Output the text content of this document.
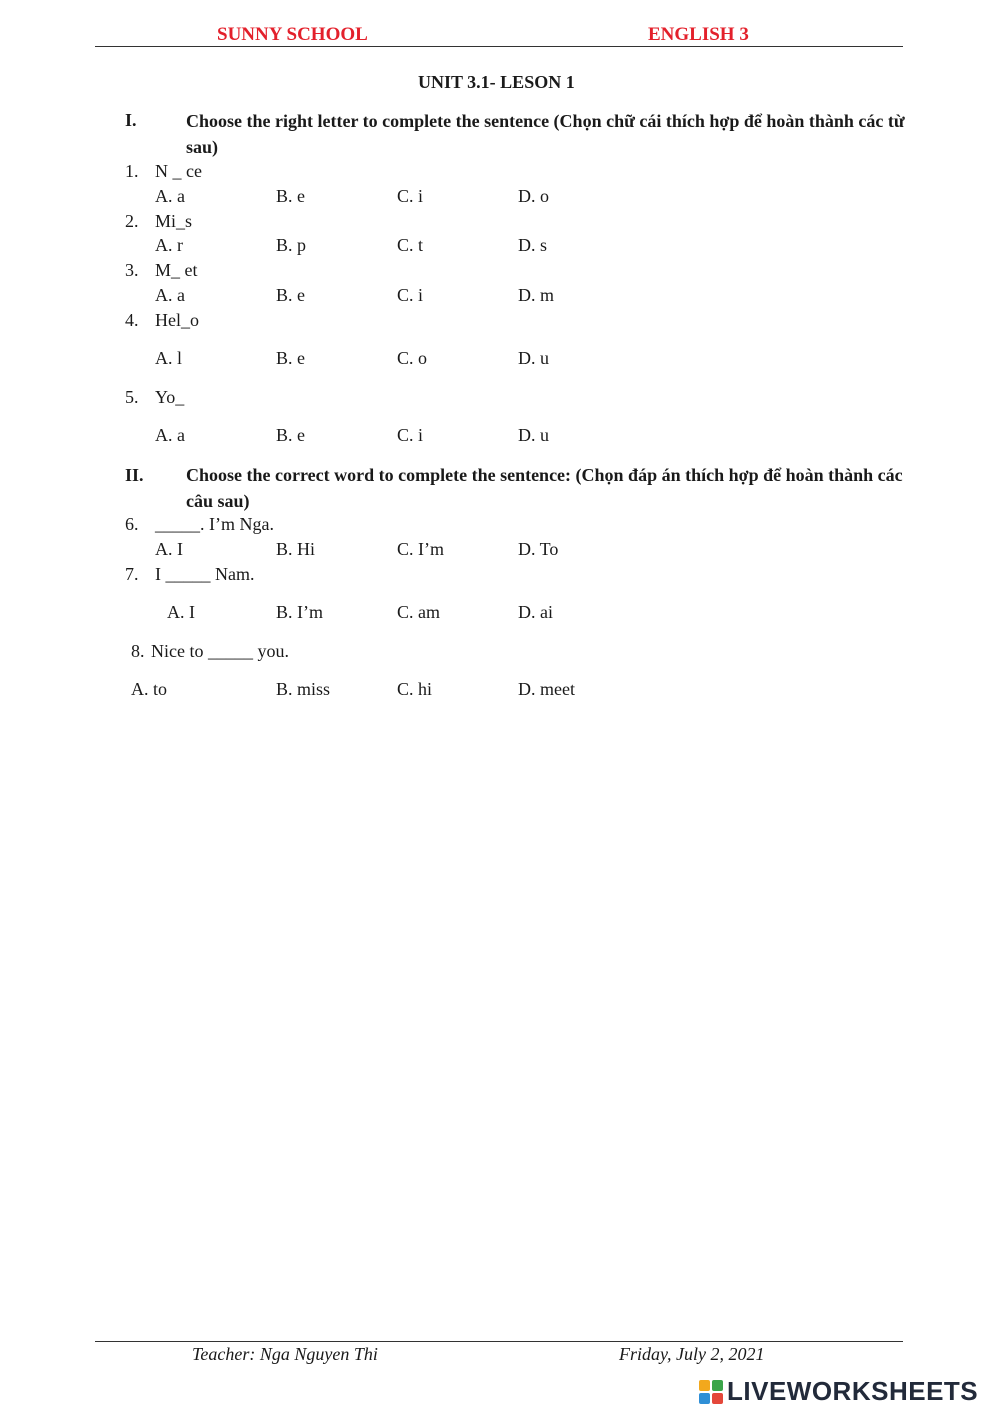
SUNNY SCHOOL	ENGLISH 3
UNIT 3.1- LESON 1
I.	Choose the right letter to complete the sentence (Chọn chữ cái thích hợp để hoàn thành các từ sau)
1. N _ ce
A. a	B. e	C. i	D. o
2. Mi_s
A. r	B. p	C. t	D. s
3. M_ et
A. a	B. e	C. i	D. m
4. Hel_o
A. l	B. e	C. o	D. u
5. Yo_
A. a	B. e	C. i	D. u
II. Choose the correct word to complete the sentence: (Chọn đáp án thích hợp để hoàn thành các câu sau)
6. _____. I’m Nga.
A. I	B. Hi	C. I’m	D. To
7. I _____ Nam.
A. I	B. I’m	C. am	D. ai
8. Nice to _____ you.
A. to	B. miss	C. hi	D. meet
Teacher: Nga Nguyen Thi	Friday, July 2, 2021
LIVEWORKSHEETS
